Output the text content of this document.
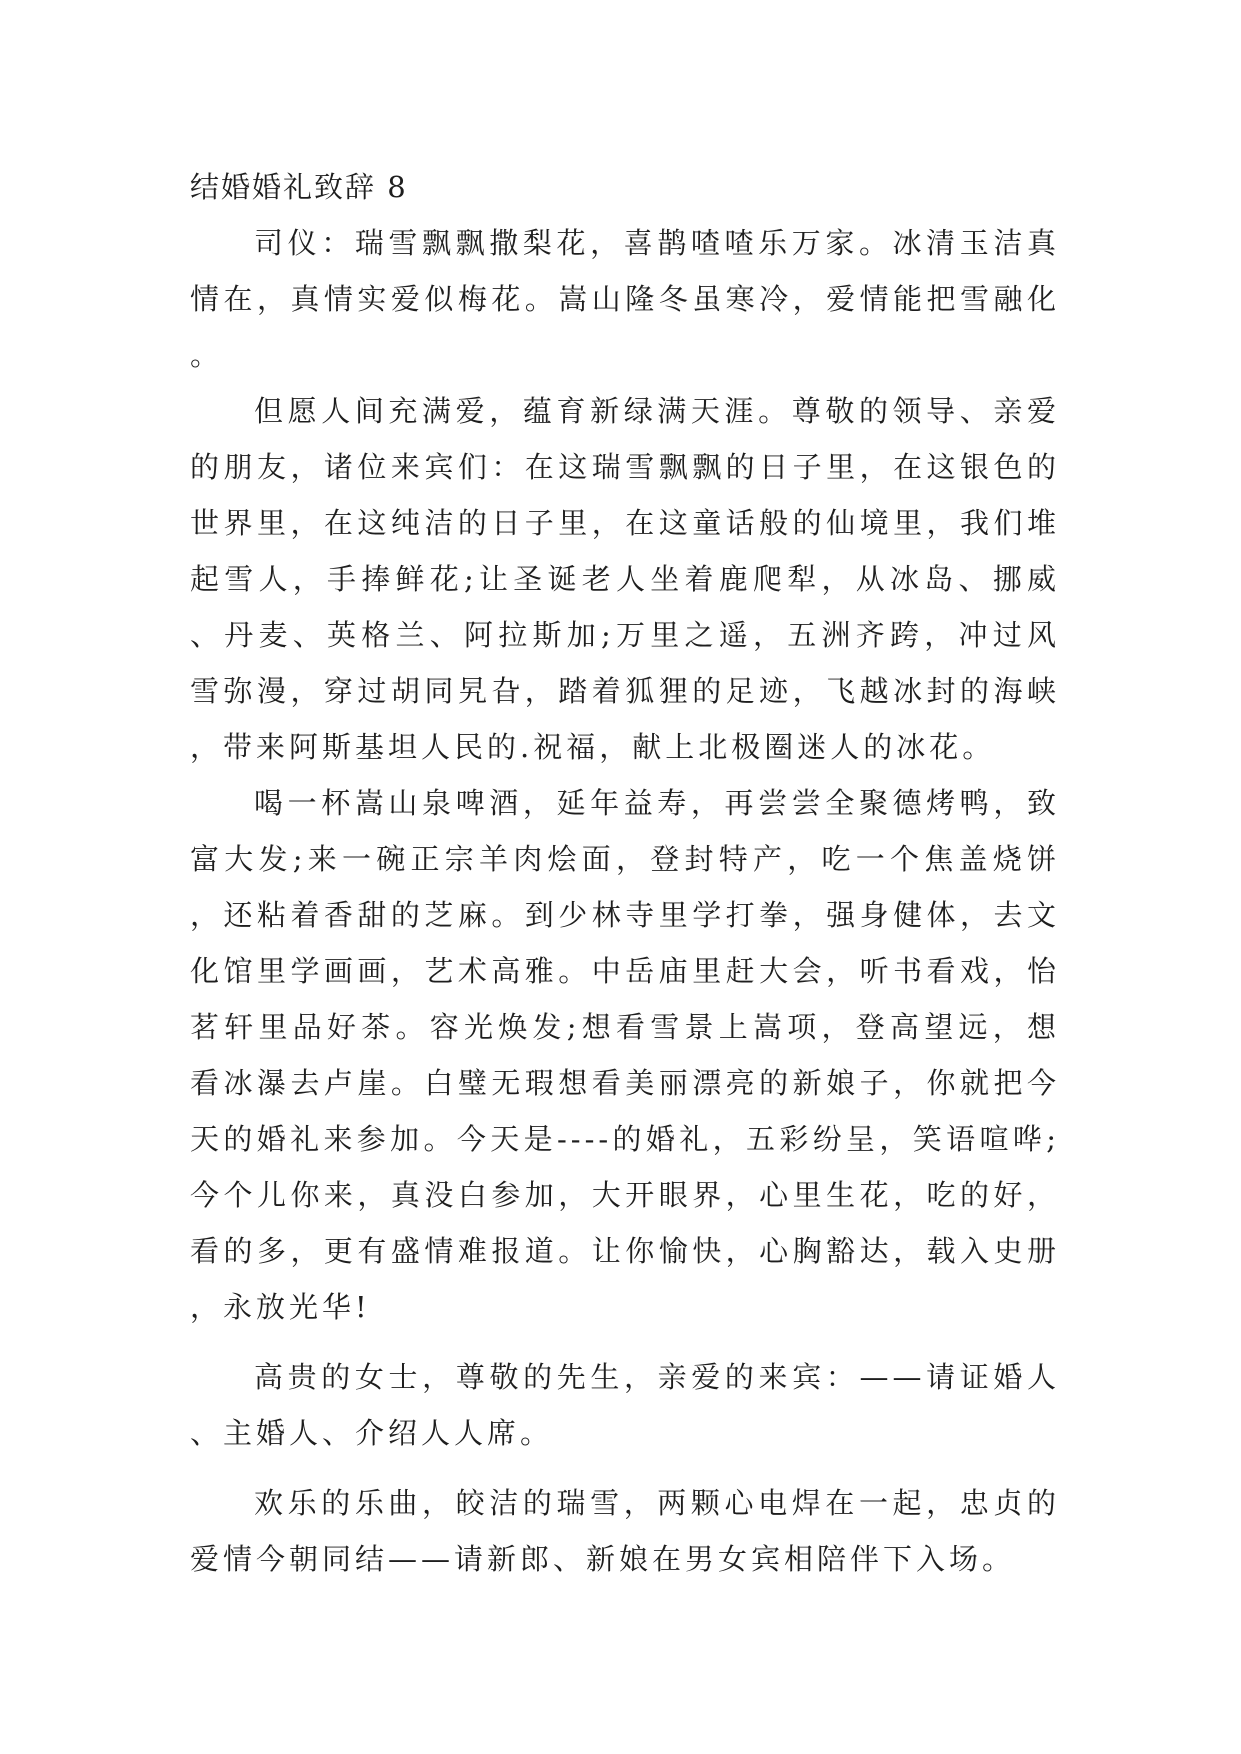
结婚婚礼致辞 8

司仪：瑞雪飘飘撒梨花，喜鹊喳喳乐万家。冰清玉洁真情在，真情实爱似梅花。嵩山隆冬虽寒冷，爱情能把雪融化。

但愿人间充满爱，蕴育新绿满天涯。尊敬的领导、亲爱的朋友，诸位来宾们：在这瑞雪飘飘的日子里，在这银色的世界里，在这纯洁的日子里，在这童话般的仙境里，我们堆起雪人，手捧鲜花;让圣诞老人坐着鹿爬犁，从冰岛、挪威、丹麦、英格兰、阿拉斯加;万里之遥，五洲齐跨，冲过风雪弥漫，穿过胡同旯旮，踏着狐狸的足迹，飞越冰封的海峡，带来阿斯基坦人民的.祝福，献上北极圈迷人的冰花。

喝一杯嵩山泉啤酒，延年益寿，再尝尝全聚德烤鸭，致富大发;来一碗正宗羊肉烩面，登封特产，吃一个焦盖烧饼，还粘着香甜的芝麻。到少林寺里学打拳，强身健体，去文化馆里学画画，艺术高雅。中岳庙里赶大会，听书看戏，怡茗轩里品好茶。容光焕发;想看雪景上嵩项，登高望远，想看冰瀑去卢崖。白璧无瑕想看美丽漂亮的新娘子，你就把今天的婚礼来参加。今天是----的婚礼，五彩纷呈，笑语喧哗;今个儿你来，真没白参加，大开眼界，心里生花，吃的好，看的多，更有盛情难报道。让你愉快，心胸豁达，载入史册，永放光华!

高贵的女士，尊敬的先生，亲爱的来宾：——请证婚人、主婚人、介绍人人席。

欢乐的乐曲，皎洁的瑞雪，两颗心电焊在一起，忠贞的爱情今朝同结——请新郎、新娘在男女宾相陪伴下入场。
